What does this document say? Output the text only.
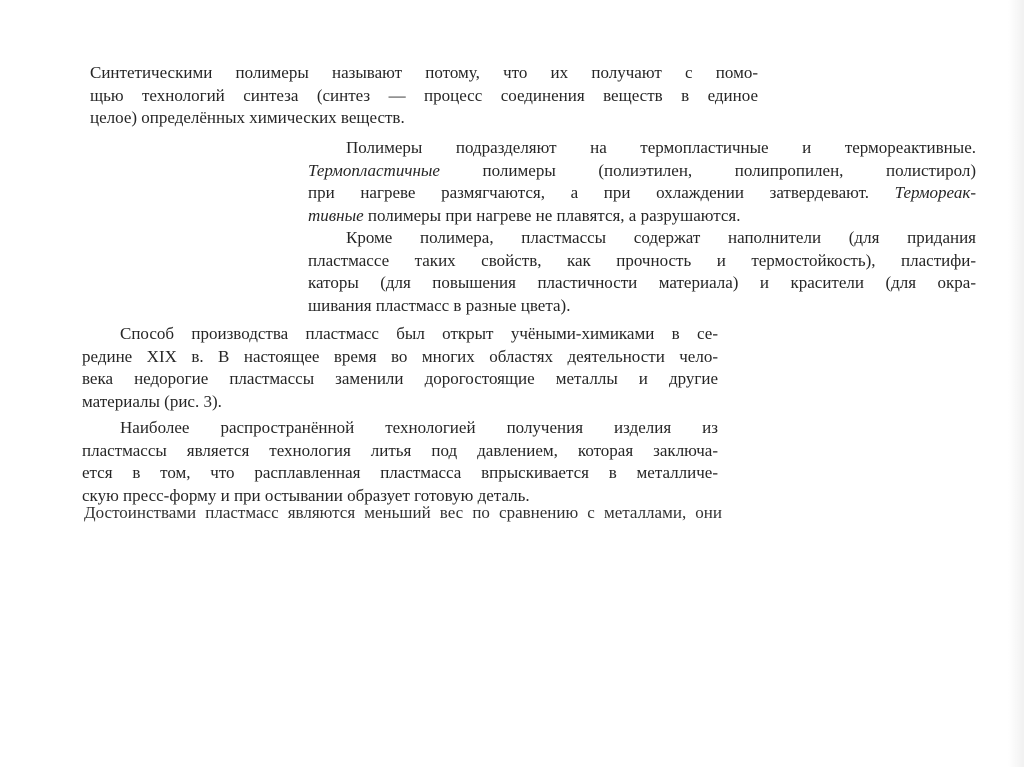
Синтетическими полимеры называют потому, что их получают с помо-
щью технологий синтеза (синтез — процесс соединения веществ в единое
целое) определённых химических веществ.
Полимеры подразделяют на термопластичные и термореактивные.
Термопластичные полимеры (полиэтилен, полипропилен, полистирол)
при нагреве размягчаются, а при охлаждении затвердевают. Термореак-
тивные полимеры при нагреве не плавятся, а разрушаются.
Кроме полимера, пластмассы содержат наполнители (для придания
пластмассе таких свойств, как прочность и термостойкость), пластифи-
каторы (для повышения пластичности материала) и красители (для окра-
шивания пластмасс в разные цвета).
Способ производства пластмасс был открыт учёными-химиками в се-
редине XIX в. В настоящее время во многих областях деятельности чело-
века недорогие пластмассы заменили дорогостоящие металлы и другие
материалы (рис. 3).
Наиболее распространённой технологией получения изделия из
пластмассы является технология литья под давлением, которая заключа-
ется в том, что расплавленная пластмасса впрыскивается в металличе-
скую пресс-форму и при остывании образует готовую деталь.
Достоинствами пластмасс являются меньший вес по сравнению с металлами, они
